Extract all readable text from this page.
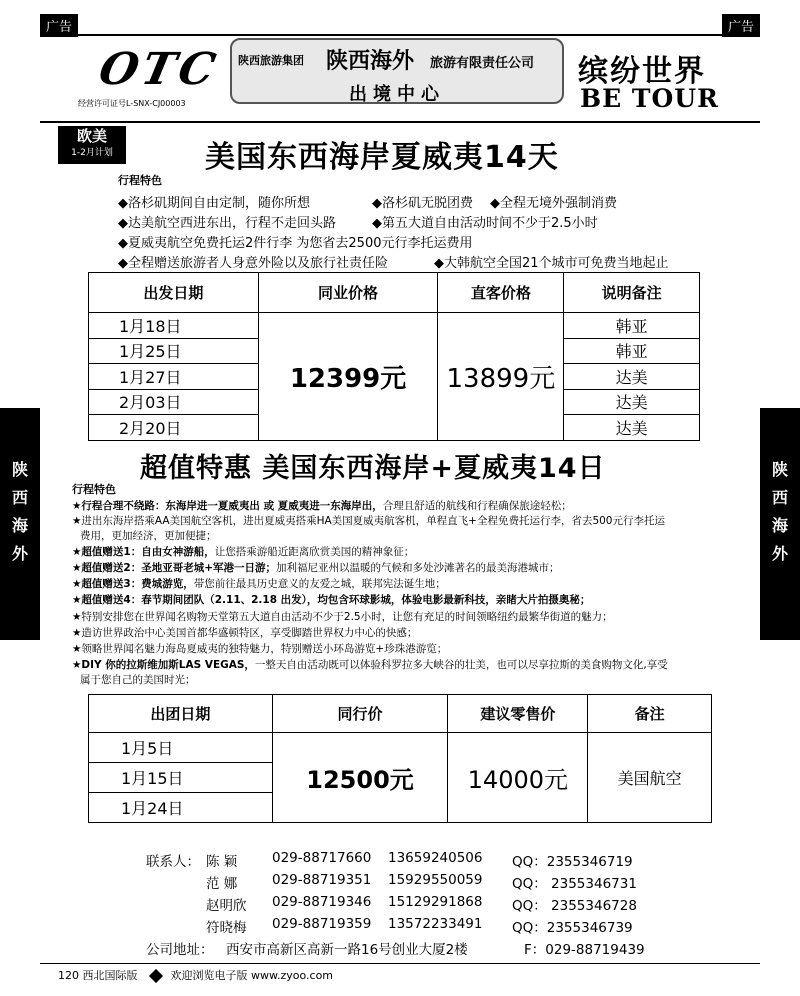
广告	广告
OTC
经营许可证号L-SNX-CJ00003
陕西旅游集团 陕西海外 旅游有限责任公司
出境中心
缤纷世界
BE TOUR
欧美
1-2月计划	美国东西海岸夏威夷14天
行程特色
◆洛杉矶期间自由定制，随你所想	◆洛杉矶无脱团费 ◆全程无境外强制消费
◆达美航空西进东出，行程不走回头路	◆第五大道自由活动时间不少于2.5小时
◆夏威夷航空免费托运2件行李 为您省去2500元行李托运费用
◆全程赠送旅游者人身意外险以及旅行社责任险	◆大韩航空全国21个城市可免费当地起止
出发日期	同业价格	直客价格	说明备注
1月18日	12399元	13899元	韩亚
1月25日			韩亚
1月27日			达美
2月03日			达美
2月20日			达美
陕
西
海
外
陕
西
海
外
超值特惠 美国东西海岸+夏威夷14日
行程特色
★行程合理不绕路：东海岸进一夏威夷出 或 夏威夷进一东海岸出，合理且舒适的航线和行程确保旅途轻松；
★进出东海岸搭乘AA美国航空客机，进出夏威夷搭乘HA美国夏威夷航客机，单程直飞+全程免费托运行李，省去500元行李托运
费用，更加经济，更加便捷；
★超值赠送1：自由女神游船，让您搭乘游船近距离欣赏美国的精神象征；
★超值赠送2：圣地亚哥老城+军港一日游；加利福尼亚州以温暖的气候和多处沙滩著名的最美海港城市；
★超值赠送3：费城游览，带您前往最具历史意义的友爱之城，联邦宪法诞生地；
★超值赠送4：春节期间团队（2.11、2.18 出发），均包含环球影城，体验电影最新科技，亲睹大片拍摄奥秘；
★特别安排您在世界闻名购物天堂第五大道自由活动不少于2.5小时，让您有充足的时间领略纽约最繁华街道的魅力；
★造访世界政治中心美国首都华盛顿特区，享受脚踏世界权力中心的快感；
★领略世界闻名魅力海岛夏威夷的独特魅力，特别赠送小环岛游览+珍珠港游览；
★DIY 你的拉斯维加斯LAS VEGAS，一整天自由活动既可以体验科罗拉多大峡谷的壮美，也可以尽享拉斯的美食购物文化,享受
属于您自己的美国时光；
出团日期	同行价	建议零售价	备注
1月5日	12500元	14000元	美国航空
1月15日			
1月24日			
联系人： 陈 颖	029-88717660 13659240506 QQ：2355346719
范 娜	029-88719351 15929550059 QQ： 2355346731
赵明欣 029-88719346 15129291868 QQ： 2355346728
符晓梅 029-88719359 13572233491 QQ：2355346739
公司地址： 西安市高新区高新一路16号创业大厦2楼	F：029-88719439
120 西北国际版	欢迎浏览电子版 www.zyoo.com
